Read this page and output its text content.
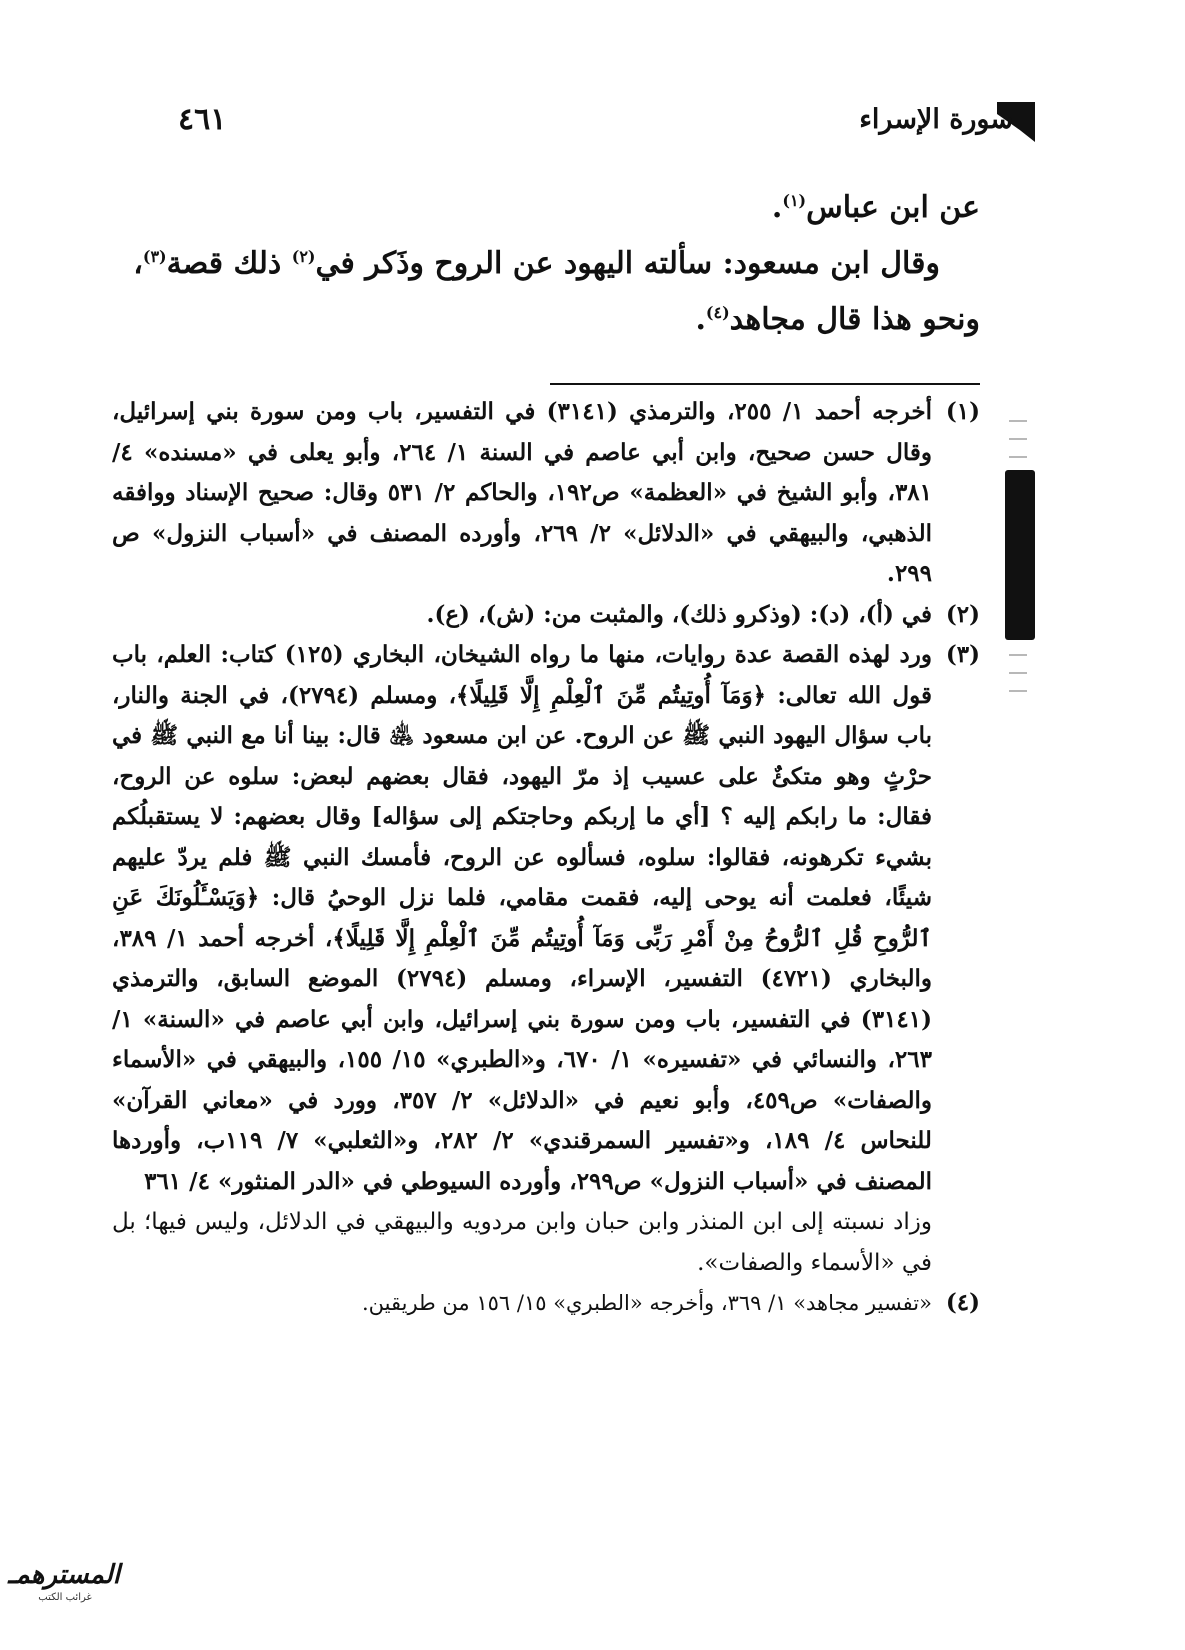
٤٦١	سورة الإسراء

عن ابن عباس$^{(١)}$.

وقال ابن مسعود: سألته اليهود عن الروح وذَكر في$^{(٢)}$ ذلك قصة$^{(٣)}$،

ونحو هذا قال مجاهد$^{(٤)}$.

(١)
أخرجه أحمد ١/ ٢٥٥، والترمذي (٣١٤١) في التفسير، باب ومن سورة بني إسرائيل، وقال حسن صحيح، وابن أبي عاصم في السنة ١/ ٢٦٤، وأبو يعلى في «مسنده» ٤/ ٣٨١، وأبو الشيخ في «العظمة» ص١٩٢، والحاكم ٢/ ٥٣١ وقال: صحيح الإسناد ووافقه الذهبي، والبيهقي في «الدلائل» ٢/ ٢٦٩، وأورده المصنف في «أسباب النزول» ص ٢٩٩.
(٢)
في (أ)، (د): (وذكرو ذلك)، والمثبت من: (ش)، (ع).
(٣)
ورد لهذه القصة عدة روايات، منها ما رواه الشيخان، البخاري (١٢٥) كتاب: العلم، باب قول الله تعالى: ﴿وَمَآ أُوتِيتُم مِّنَ ٱلْعِلْمِ إِلَّا قَلِيلًا﴾، ومسلم (٢٧٩٤)، في الجنة والنار، باب سؤال اليهود النبي ﷺ عن الروح. عن ابن مسعود ﵁ قال: بينا أنا مع النبي ﷺ في حرْثٍ وهو متكئٌ على عسيب إذ مرّ اليهود، فقال بعضهم لبعض: سلوه عن الروح، فقال: ما رابكم إليه ؟ [أي ما إربكم وحاجتكم إلى سؤاله] وقال بعضهم: لا يستقبلُكم بشيء تكرهونه، فقالوا: سلوه، فسألوه عن الروح، فأمسك النبي ﷺ فلم يردّ عليهم شيئًا، فعلمت أنه يوحى إليه، فقمت مقامي، فلما نزل الوحيُ قال: ﴿وَيَسْـَٔلُونَكَ عَنِ ٱلرُّوحِ قُلِ ٱلرُّوحُ مِنْ أَمْرِ رَبِّى وَمَآ أُوتِيتُم مِّنَ ٱلْعِلْمِ إِلَّا قَلِيلًا﴾، أخرجه أحمد ١/ ٣٨٩، والبخاري (٤٧٢١) التفسير، الإسراء، ومسلم (٢٧٩٤) الموضع السابق، والترمذي (٣١٤١) في التفسير، باب ومن سورة بني إسرائيل، وابن أبي عاصم في «السنة» ١/ ٢٦٣، والنسائي في «تفسيره» ١/ ٦٧٠، و«الطبري» ١٥/ ١٥٥، والبيهقي في «الأسماء والصفات» ص٤٥٩، وأبو نعيم في «الدلائل» ٢/ ٣٥٧، وورد في «معاني القرآن» للنحاس ٤/ ١٨٩، و«تفسير السمرقندي» ٢/ ٢٨٢، و«الثعلبي» ٧/ ١١٩ب، وأوردها المصنف في «أسباب النزول» ص٢٩٩، وأورده السيوطي في «الدر المنثور» ٤/ ٣٦١
وزاد نسبته إلى ابن المنذر وابن حبان وابن مردويه والبيهقي في الدلائل، وليس فيها؛ بل في «الأسماء والصفات».
(٤)
«تفسير مجاهد» ١/ ٣٦٩، وأخرجه «الطبري» ١٥/ ١٥٦ من طريقين.
المسترهمـ
غرائب الكتب
